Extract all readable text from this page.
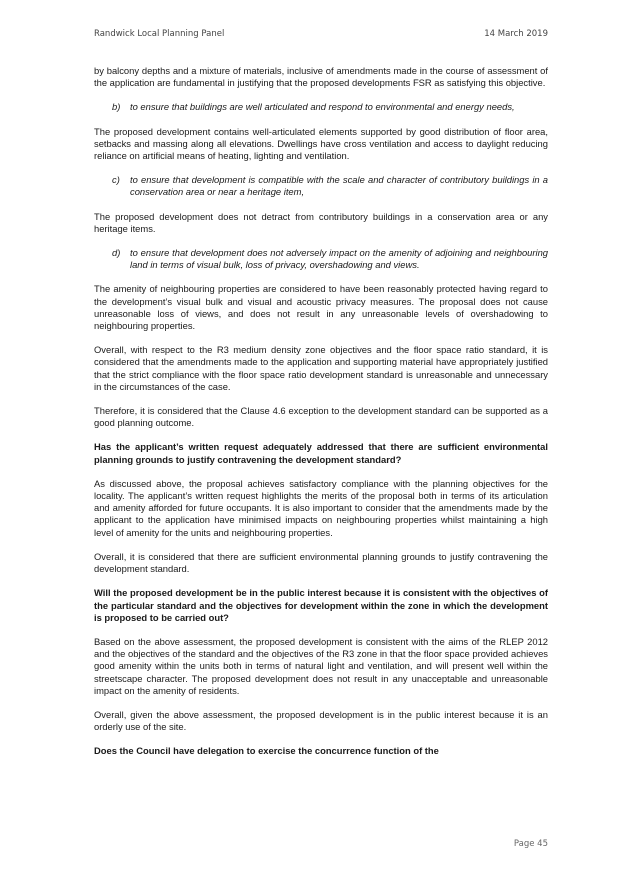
Randwick Local Planning Panel	14 March 2019

by balcony depths and a mixture of materials, inclusive of amendments made in the course of assessment of the application are fundamental in justifying that the proposed developments FSR as satisfying this objective.

b) to ensure that buildings are well articulated and respond to environmental and energy needs,

The proposed development contains well-articulated elements supported by good distribution of floor area, setbacks and massing along all elevations. Dwellings have cross ventilation and access to daylight reducing reliance on artificial means of heating, lighting and ventilation.

c) to ensure that development is compatible with the scale and character of contributory buildings in a conservation area or near a heritage item,

The proposed development does not detract from contributory buildings in a conservation area or any heritage items.

d) to ensure that development does not adversely impact on the amenity of adjoining and neighbouring land in terms of visual bulk, loss of privacy, overshadowing and views.

The amenity of neighbouring properties are considered to have been reasonably protected having regard to the development’s visual bulk and visual and acoustic privacy measures. The proposal does not cause unreasonable loss of views, and does not result in any unreasonable levels of overshadowing to neighbouring properties.

Overall, with respect to the R3 medium density zone objectives and the floor space ratio standard, it is considered that the amendments made to the application and supporting material have appropriately justified that the strict compliance with the floor space ratio development standard is unreasonable and unnecessary in the circumstances of the case.

Therefore, it is considered that the Clause 4.6 exception to the development standard can be supported as a good planning outcome.

Has the applicant’s written request adequately addressed that there are sufficient environmental planning grounds to justify contravening the development standard?

As discussed above, the proposal achieves satisfactory compliance with the planning objectives for the locality. The applicant’s written request highlights the merits of the proposal both in terms of its articulation and amenity afforded for future occupants. It is also important to consider that the amendments made by the applicant to the application have minimised impacts on neighbouring properties whilst maintaining a high level of amenity for the units and neighbouring properties.

Overall, it is considered that there are sufficient environmental planning grounds to justify contravening the development standard.

Will the proposed development be in the public interest because it is consistent with the objectives of the particular standard and the objectives for development within the zone in which the development is proposed to be carried out?

Based on the above assessment, the proposed development is consistent with the aims of the RLEP 2012 and the objectives of the standard and the objectives of the R3 zone in that the floor space provided achieves good amenity within the units both in terms of natural light and ventilation, and will present well within the streetscape character. The proposed development does not result in any unacceptable and unreasonable impact on the amenity of residents.

Overall, given the above assessment, the proposed development is in the public interest because it is an orderly use of the site.

Does the Council have delegation to exercise the concurrence function of the

Page 45
